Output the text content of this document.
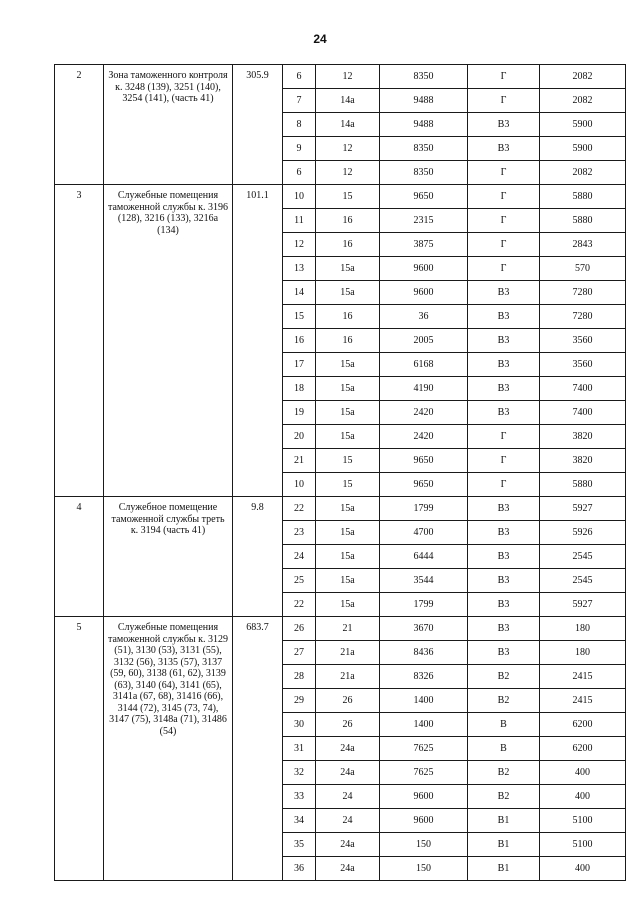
24
2	Зона таможенного контроля к. 3248 (139), 3251 (140), 3254 (141), (часть 41)	305.9	6	12	8350	Г	2082
			7	14a	9488	Г	2082
			8	14a	9488	В3	5900
			9	12	8350	В3	5900
			6	12	8350	Г	2082
3	Служебные помещения таможенной службы к. 3196 (128), 3216 (133), 3216а (134)	101.1	10	15	9650	Г	5880
			11	16	2315	Г	5880
			12	16	3875	Г	2843
			13	15a	9600	Г	570
			14	15a	9600	В3	7280
			15	16	36	В3	7280
			16	16	2005	В3	3560
			17	15a	6168	В3	3560
			18	15a	4190	В3	7400
			19	15a	2420	В3	7400
			20	15a	2420	Г	3820
			21	15	9650	Г	3820
			10	15	9650	Г	5880
4	Служебное помещение таможенной службы треть к. 3194 (часть 41)	9.8	22	15a	1799	В3	5927
			23	15a	4700	В3	5926
			24	15a	6444	В3	2545
			25	15a	3544	В3	2545
			22	15a	1799	В3	5927
5	Служебные помещения таможенной службы к. 3129 (51), 3130 (53), 3131 (55), 3132 (56), 3135 (57), 3137 (59, 60), 3138 (61, 62), 3139 (63), 3140 (64), 3141 (65), 3141а (67, 68), 31416 (66), 3144 (72), 3145 (73, 74), 3147 (75), 3148а (71), 31486 (54)	683.7	26	21	3670	В3	180
			27	21a	8436	В3	180
			28	21a	8326	В2	2415
			29	26	1400	В2	2415
			30	26	1400	В	6200
			31	24a	7625	В	6200
			32	24a	7625	В2	400
			33	24	9600	В2	400
			34	24	9600	В1	5100
			35	24a	150	В1	5100
			36	24a	150	В1	400
